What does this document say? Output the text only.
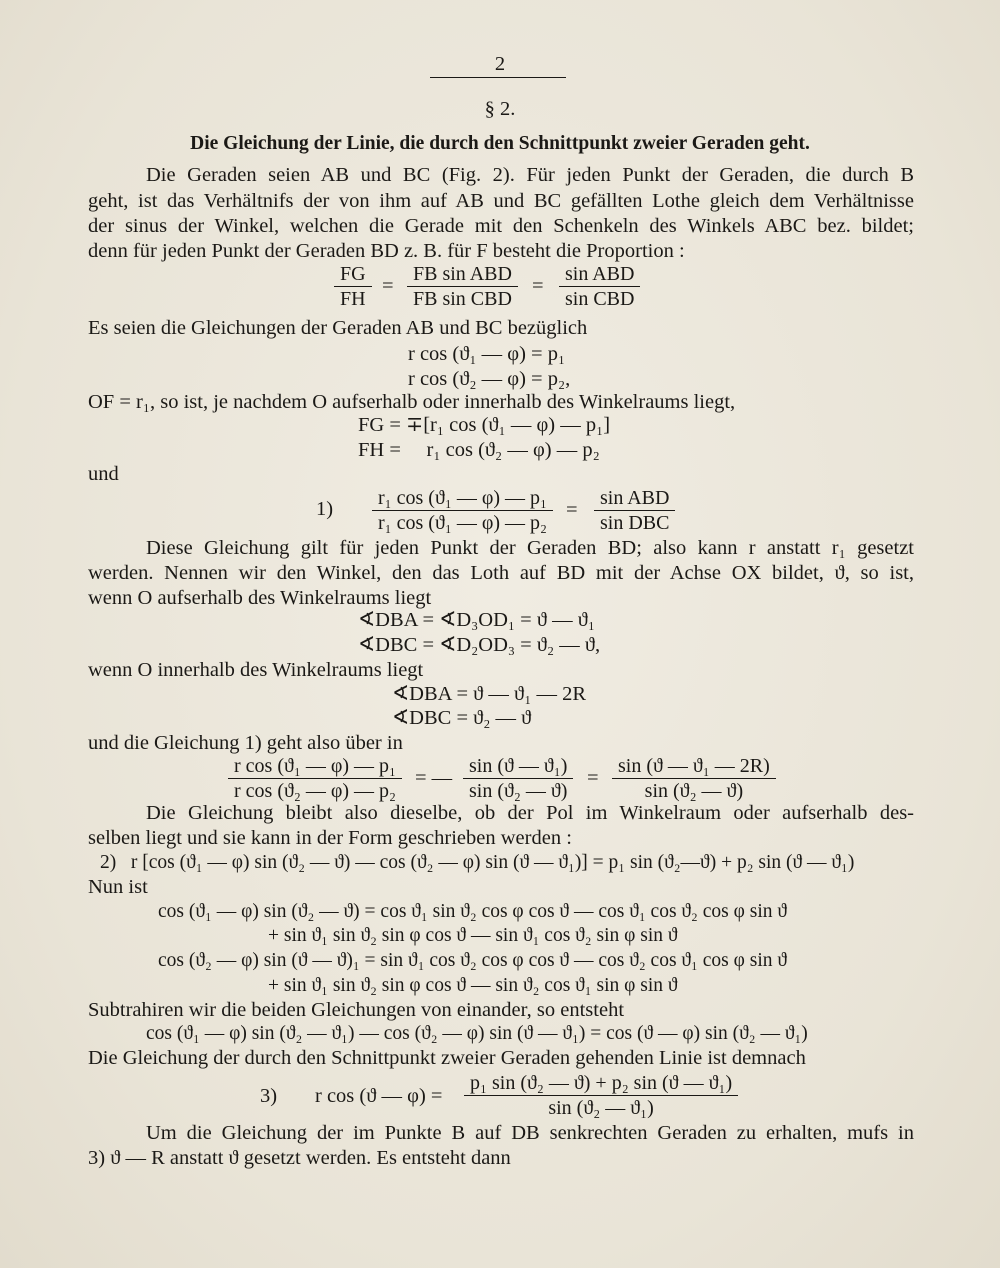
2
§ 2.
Die Gleichung der Linie, die durch den Schnittpunkt zweier Geraden geht.
Die Geraden seien AB und BC (Fig. 2). Für jeden Punkt der Geraden, die durch B
geht, ist das Verhältnifs der von ihm auf AB und BC gefällten Lothe gleich dem Verhältnisse
der sinus der Winkel, welchen die Gerade mit den Schenkeln des Winkels ABC bez. bildet;
denn für jeden Punkt der Geraden BD z. B. für F besteht die Proportion :
$\frac{FG}{FH}$ =
FB sin ABD
FB sin CBD
=
sin ABD
sin CBD
Es seien die Gleichungen der Geraden AB und BC bezüglich
r cos (ϑ₁ — φ) = p₁
r cos (ϑ₂ — φ) = p₂,
OF = r₁, so ist, je nachdem O aufserhalb oder innerhalb des Winkelraums liegt,
FG = ∓[r₁ cos (ϑ₁ — φ) — p₁]
FH =     r₁ cos (ϑ₂ — φ) — p₂
und
$1) \frac{\text{r₁ cos (ϑ₁ — φ) — p₁}}{\text{r₁ cos (ϑ₁ — φ) — p₂}}$ =
sin ABD
sin DBC
Diese Gleichung gilt für jeden Punkt der Geraden BD; also kann r anstatt r₁ gesetzt
werden. Nennen wir den Winkel, den das Loth auf BD mit der Achse OX bildet, ϑ, so ist,
wenn O aufserhalb des Winkelraums liegt
∢DBA = ∢D₃OD₁ = ϑ — ϑ₁
∢DBC = ∢D₂OD₃ = ϑ₂ — ϑ,
wenn O innerhalb des Winkelraums liegt
∢DBA = ϑ — ϑ₁ — 2R
∢DBC = ϑ₂ — ϑ
und die Gleichung 1) geht also über in
$\frac{\text{r cos (ϑ₁ — φ) — p₁}}{\text{r cos (ϑ₂ — φ) — p₂}}$ = — $\frac{\text{sin (ϑ — ϑ₁)}}{\text{sin (ϑ₂ — ϑ)}} = \frac{\text{sin (ϑ — ϑ₁ — 2R)}}{\text{sin (ϑ₂ — ϑ)}}$
Die Gleichung bleibt also dieselbe, ob der Pol im Winkelraum oder aufserhalb des-
selben liegt und sie kann in der Form geschrieben werden :
2)   r [cos (ϑ₁ — φ) sin (ϑ₂ — ϑ) — cos (ϑ₂ — φ) sin (ϑ — ϑ₁)] = p₁ sin (ϑ₂—ϑ) + p₂ sin (ϑ — ϑ₁)
Nun ist
cos (ϑ₁ — φ) sin (ϑ₂ — ϑ) = cos ϑ₁ sin ϑ₂ cos φ cos ϑ — cos ϑ₁ cos ϑ₂ cos φ sin ϑ
+ sin ϑ₁ sin ϑ₂ sin φ cos ϑ — sin ϑ₁ cos ϑ₂ sin φ sin ϑ
cos (ϑ₂ — φ) sin (ϑ — ϑ)₁ = sin ϑ₁ cos ϑ₂ cos φ cos ϑ — cos ϑ₂ cos ϑ₁ cos φ sin ϑ
+ sin ϑ₁ sin ϑ₂ sin φ cos ϑ — sin ϑ₂ cos ϑ₁ sin φ sin ϑ
Subtrahiren wir die beiden Gleichungen von einander, so entsteht
cos (ϑ₁ — φ) sin (ϑ₂ — ϑ₁) — cos (ϑ₂ — φ) sin (ϑ — ϑ₁) = cos (ϑ — φ) sin (ϑ₂ — ϑ₁)
Die Gleichung der durch den Schnittpunkt zweier Geraden gehenden Linie ist demnach
3) r cos (ϑ — $\varphi) = \frac{\text{p₁ sin (ϑ₂ — ϑ) + p₂ sin (ϑ — ϑ₁)}}{\text{sin (ϑ₂ — ϑ₁)}}$
Um die Gleichung der im Punkte B auf DB senkrechten Geraden zu erhalten, mufs in
3) ϑ — R anstatt ϑ gesetzt werden. Es entsteht dann
